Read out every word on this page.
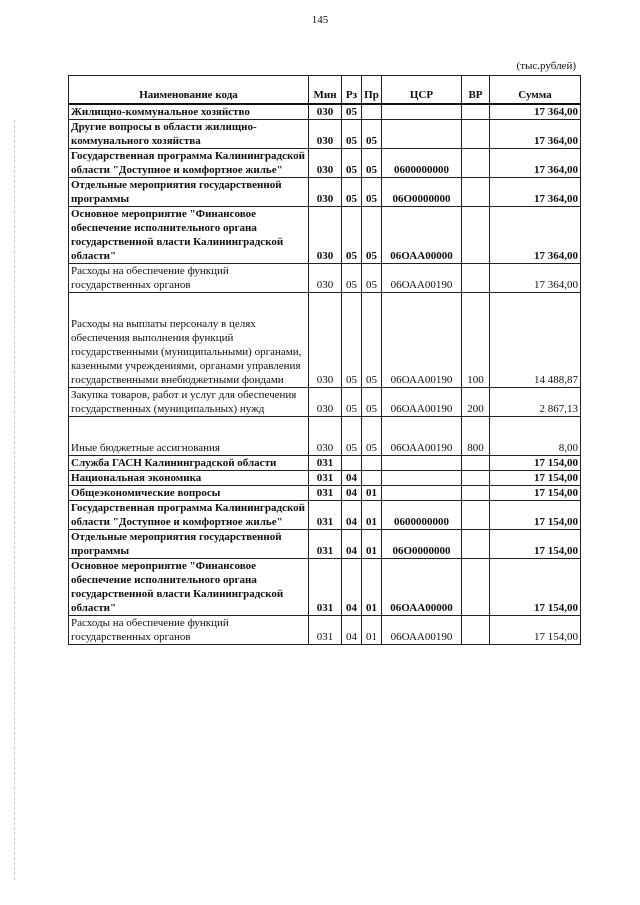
145
(тыс.рублей)
Наименование кода	Мин	Рз	Пр	ЦСР	ВР	Сумма
Жилищно-коммунальное хозяйство	030	05				17 364,00
Другие вопросы в области жилищно-коммунального хозяйства	030	05	05			17 364,00
Государственная программа Калининградской области "Доступное и комфортное жилье"	030	05	05	0600000000		17 364,00
Отдельные мероприятия государственной программы	030	05	05	06О0000000		17 364,00
Основное мероприятие "Финансовое обеспечение исполнительного органа государственной власти Калининградской области"	030	05	05	06ОАА00000		17 364,00
Расходы на обеспечение функций государственных органов	030	05	05	06ОАА00190		17 364,00
Расходы на выплаты персоналу в целях обеспечения выполнения функций государственными (муниципальными) органами, казенными учреждениями, органами управления государственными внебюджетными фондами	030	05	05	06ОАА00190	100	14 488,87
Закупка товаров, работ и услуг для обеспечения государственных (муниципальных) нужд	030	05	05	06ОАА00190	200	2 867,13
Иные бюджетные ассигнования	030	05	05	06ОАА00190	800	8,00
Служба ГАСН Калининградской области	031					17 154,00
Национальная экономика	031	04				17 154,00
Общеэкономические вопросы	031	04	01			17 154,00
Государственная программа Калининградской области "Доступное и комфортное жилье"	031	04	01	0600000000		17 154,00
Отдельные мероприятия государственной программы	031	04	01	06О0000000		17 154,00
Основное мероприятие "Финансовое обеспечение исполнительного органа государственной власти Калининградской области"	031	04	01	06ОАА00000		17 154,00
Расходы на обеспечение функций государственных органов	031	04	01	06ОАА00190		17 154,00
